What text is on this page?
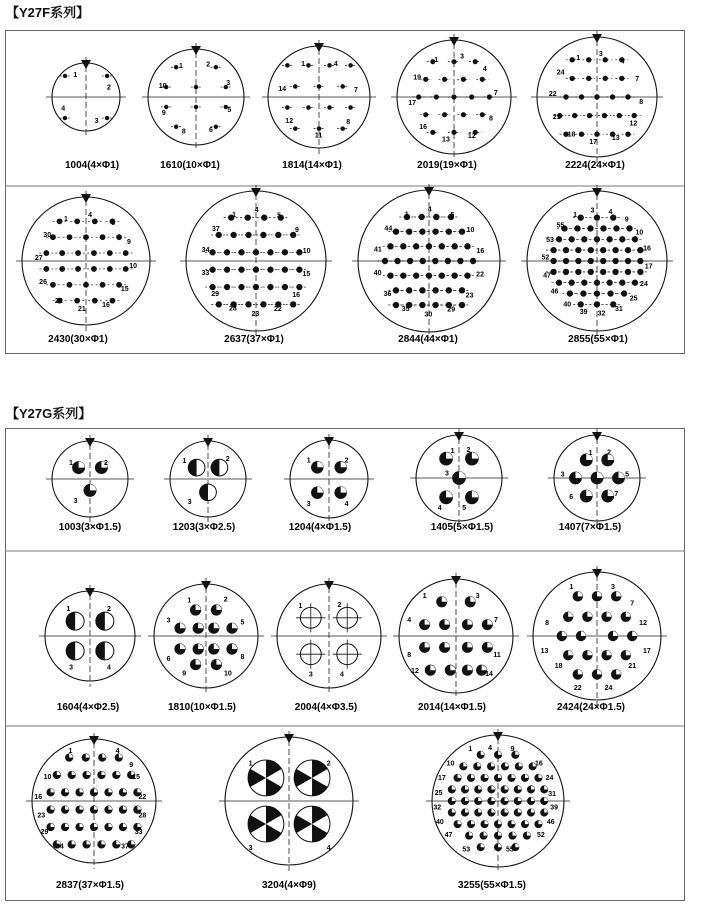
【Y27F系列】
【Y27G系列】
1
2
3
4
1004(4×Φ1)
1	2
3
5
6
8
9
10
1610(10×Φ1)
1	4
7
8
11
12
14
1814(14×Φ1)
1	3
4
7
8
12
13
16
17
19
2019(19×Φ1)
1
3
4
7
8
12
13
17
18
21
22
24
2224(24×Φ1)
1
4
5
9
10
15
16
21
22
26
27
30
2430(30×Φ1)
1
4
5
9
10
15
16
22
23
28
29
33
34
37
2637(37×Φ1)
1
4
5
10
16
22
23
29
30
35
36
40
41
44
2844(44×Φ1)
1
3 4
9
10
16
17
24
25
31
32
39
40
46
47
52
53
55
2855(55×Φ1)
1	2
3
1003(3×Φ1.5)
1	2
3
1203(3×Φ2.5)
1	2
3	4
1204(4×Φ1.5)
1 2
3
4	5
1405(5×Φ1.5)
1 2
3	5
6	7
1407(7×Φ1.5)
1	2
3	4
1604(4×Φ2.5)
1	2
3	5
6	8
9	10
1810(10×Φ1.5)
1	2
3	4
2004(4×Φ3.5)
1	3
4	7
8	11
12	14
2014(14×Φ1.5)
1	3
7
8	12
13	17
18	21
22	24
2424(24×Φ1.5)
1	4
9
10	15
16	22
23	28
29	33
34	37
2837(37×Φ1.5)
1	2
3	4
3204(4×Φ9)
1 4	9
10	16
17	24
25	31
32	39
40	46
47	52
53	55
3255(55×Φ1.5)
